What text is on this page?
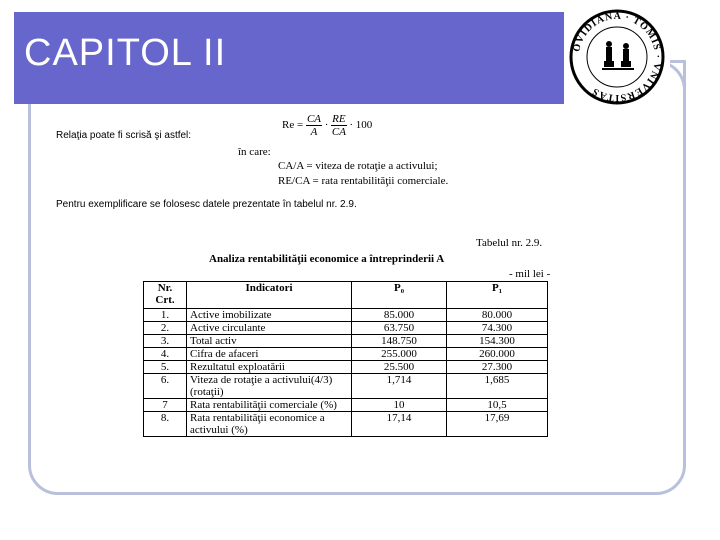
CAPITOL II	OVIDIANA · TOMIS · VNIVERSITAS
Relaţia poate fi scrisă şi astfel:
$Re = \frac{CA}{A} \cdot \frac{RE}{CA} \cdot 100$
în care:
CA/A = viteza de rotaţie a activului;
RE/CA = rata rentabilităţii comerciale.
Pentru exemplificare se folosesc datele prezentate în tabelul nr. 2.9.
Tabelul nr. 2.9.
Analiza rentabilităţii economice a întreprinderii A
- mil lei -
Nr. Crt.	Indicatori	P₀	P₁
1.	Active imobilizate	85.000	80.000
2.	Active circulante	63.750	74.300
3.	Total activ	148.750	154.300
4.	Cifra de afaceri	255.000	260.000
5.	Rezultatul exploatării	25.500	27.300
6.	Viteza de rotaţie a activului(4/3) (rotaţii)	1,714	1,685
7	Rata rentabilităţii comerciale (%)	10	10,5
8.	Rata rentabilităţii economice a activului (%)	17,14	17,69
